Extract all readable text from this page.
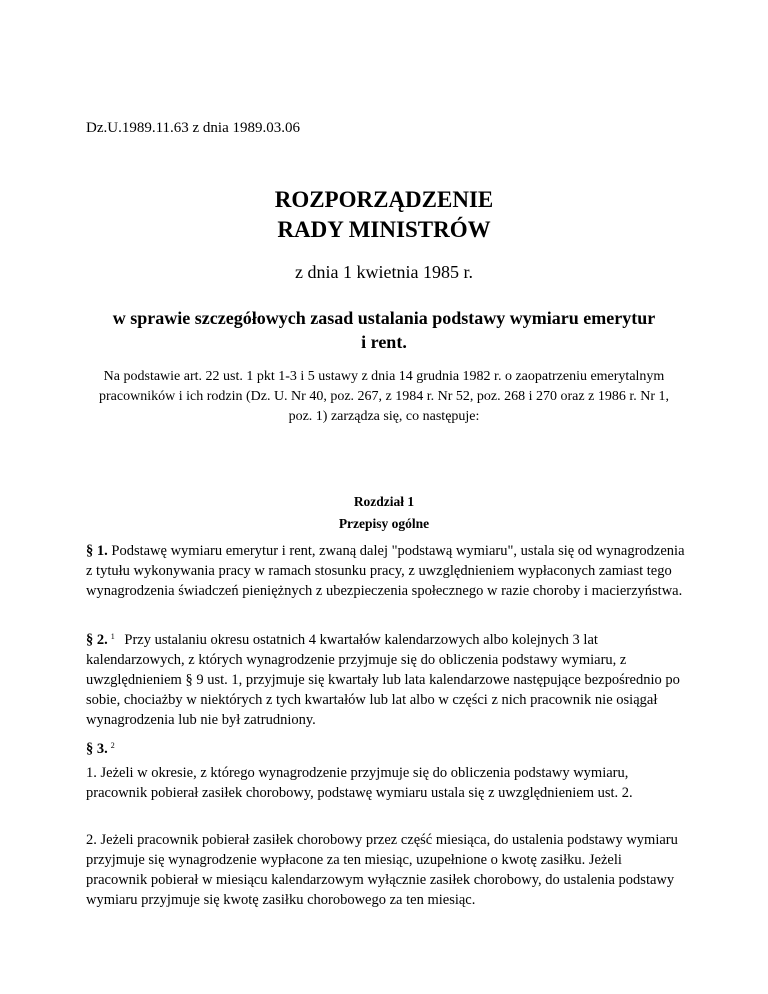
Dz.U.1989.11.63 z dnia 1989.03.06
ROZPORZĄDZENIE
RADY MINISTRÓW
z dnia 1 kwietnia 1985 r.
w sprawie szczegółowych zasad ustalania podstawy wymiaru emerytur i rent.
Na podstawie art. 22 ust. 1 pkt 1-3 i 5 ustawy z dnia 14 grudnia 1982 r. o zaopatrzeniu emerytalnym pracowników i ich rodzin (Dz. U. Nr 40, poz. 267, z 1984 r. Nr 52, poz. 268 i 270 oraz z 1986 r. Nr 1, poz. 1) zarządza się, co następuje:
Rozdział 1
Przepisy ogólne
§ 1. Podstawę wymiaru emerytur i rent, zwaną dalej "podstawą wymiaru", ustala się od wynagrodzenia z tytułu wykonywania pracy w ramach stosunku pracy, z uwzględnieniem wypłaconych zamiast tego wynagrodzenia świadczeń pieniężnych z ubezpieczenia społecznego w razie choroby i macierzyństwa.
§ 2. $^1$ Przy ustalaniu okresu ostatnich 4 kwartałów kalendarzowych albo kolejnych 3 lat kalendarzowych, z których wynagrodzenie przyjmuje się do obliczenia podstawy wymiaru, z uwzględnieniem § 9 ust. 1, przyjmuje się kwartały lub lata kalendarzowe następujące bezpośrednio po sobie, chociażby w niektórych z tych kwartałów lub lat albo w części z nich pracownik nie osiągał wynagrodzenia lub nie był zatrudniony.
§ 3. $^2$
1. Jeżeli w okresie, z którego wynagrodzenie przyjmuje się do obliczenia podstawy wymiaru, pracownik pobierał zasiłek chorobowy, podstawę wymiaru ustala się z uwzględnieniem ust. 2.
2. Jeżeli pracownik pobierał zasiłek chorobowy przez część miesiąca, do ustalenia podstawy wymiaru przyjmuje się wynagrodzenie wypłacone za ten miesiąc, uzupełnione o kwotę zasiłku. Jeżeli pracownik pobierał w miesiącu kalendarzowym wyłącznie zasiłek chorobowy, do ustalenia podstawy wymiaru przyjmuje się kwotę zasiłku chorobowego za ten miesiąc.
